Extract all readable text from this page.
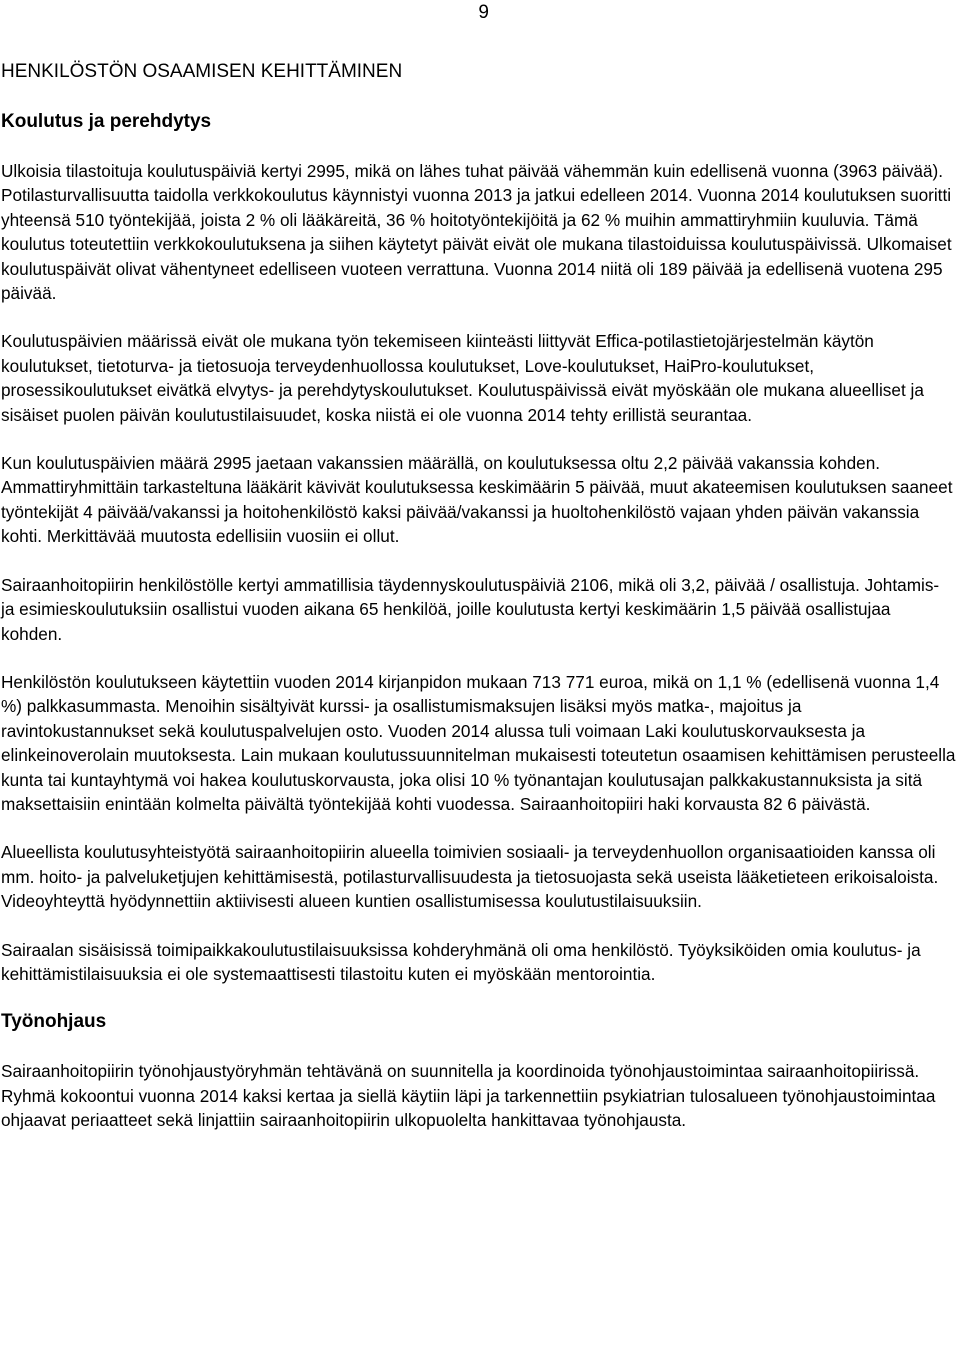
9
HENKILÖSTÖN OSAAMISEN KEHITTÄMINEN
Koulutus ja perehdytys

Ulkoisia tilastoituja koulutuspäiviä kertyi 2995, mikä on lähes tuhat päivää vähemmän kuin edellisenä vuonna (3963 päivää). Potilasturvallisuutta taidolla verkkokoulutus käynnistyi vuonna 2013 ja jatkui edelleen 2014. Vuonna 2014 koulutuksen suoritti yhteensä 510 työntekijää, joista 2 % oli lääkäreitä, 36 % hoitotyöntekijöitä ja 62 % muihin ammattiryhmiin kuuluvia. Tämä koulutus toteutettiin verkkokoulutuksena ja siihen käytetyt päivät eivät ole mukana tilastoiduissa koulutuspäivissä. Ulkomaiset koulutuspäivät olivat vähentyneet edelliseen vuoteen verrattuna. Vuonna 2014 niitä oli 189 päivää ja edellisenä vuotena 295 päivää.

Koulutuspäivien määrissä eivät ole mukana työn tekemiseen kiinteästi liittyvät Effica-potilastietojärjestelmän käytön koulutukset, tietoturva- ja tietosuoja terveydenhuollossa koulutukset, Love-koulutukset, HaiPro-koulutukset, prosessikoulutukset eivätkä elvytys- ja perehdytyskoulutukset. Koulutuspäivissä eivät myöskään ole mukana alueelliset ja sisäiset puolen päivän koulutustilaisuudet, koska niistä ei ole vuonna 2014 tehty erillistä seurantaa.

Kun koulutuspäivien määrä 2995 jaetaan vakanssien määrällä, on koulutuksessa oltu 2,2 päivää vakanssia kohden. Ammattiryhmittäin tarkasteltuna lääkärit kävivät koulutuksessa keskimäärin 5 päivää, muut akateemisen koulutuksen saaneet työntekijät 4 päivää/vakanssi ja hoitohenkilöstö kaksi päivää/vakanssi ja huoltohenkilöstö vajaan yhden päivän vakanssia kohti. Merkittävää muutosta edellisiin vuosiin ei ollut.

Sairaanhoitopiirin henkilöstölle kertyi ammatillisia täydennyskoulutuspäiviä 2106, mikä oli 3,2, päivää / osallistuja. Johtamis- ja esimieskoulutuksiin osallistui vuoden aikana 65 henkilöä, joille koulutusta kertyi keskimäärin 1,5 päivää osallistujaa kohden.

Henkilöstön koulutukseen käytettiin vuoden 2014 kirjanpidon mukaan 713 771 euroa, mikä on 1,1 % (edellisenä vuonna 1,4 %) palkkasummasta. Menoihin sisältyivät kurssi- ja osallistumismaksujen lisäksi myös matka-, majoitus ja ravintokustannukset sekä koulutuspalvelujen osto. Vuoden 2014 alussa tuli voimaan Laki koulutuskorvauksesta ja elinkeinoverolain muutoksesta. Lain mukaan koulutussuunnitelman mukaisesti toteutetun osaamisen kehittämisen perusteella kunta tai kuntayhtymä voi hakea koulutuskorvausta, joka olisi 10 % työnantajan koulutusajan palkkakustannuksista ja sitä maksettaisiin enintään kolmelta päivältä työntekijää kohti vuodessa. Sairaanhoitopiiri haki korvausta 82 6 päivästä.

Alueellista koulutusyhteistyötä sairaanhoitopiirin alueella toimivien sosiaali- ja terveydenhuollon organisaatioiden kanssa oli mm. hoito- ja palveluketjujen kehittämisestä, potilasturvallisuudesta ja tietosuojasta sekä useista lääketieteen erikoisaloista. Videoyhteyttä hyödynnettiin aktiivisesti alueen kuntien osallistumisessa koulutustilaisuuksiin.

Sairaalan sisäisissä toimipaikkakoulutustilaisuuksissa kohderyhmänä oli oma henkilöstö. Työyksiköiden omia koulutus- ja kehittämistilaisuuksia ei ole systemaattisesti tilastoitu kuten ei myöskään mentorointia.

Työnohjaus

Sairaanhoitopiirin työnohjaustyöryhmän tehtävänä on suunnitella ja koordinoida työnohjaustoimintaa sairaanhoitopiirissä. Ryhmä kokoontui vuonna 2014 kaksi kertaa ja siellä käytiin läpi ja tarkennettiin psykiatrian tulosalueen työnohjaustoimintaa ohjaavat periaatteet sekä linjattiin sairaanhoitopiirin ulkopuolelta hankittavaa työnohjausta.
